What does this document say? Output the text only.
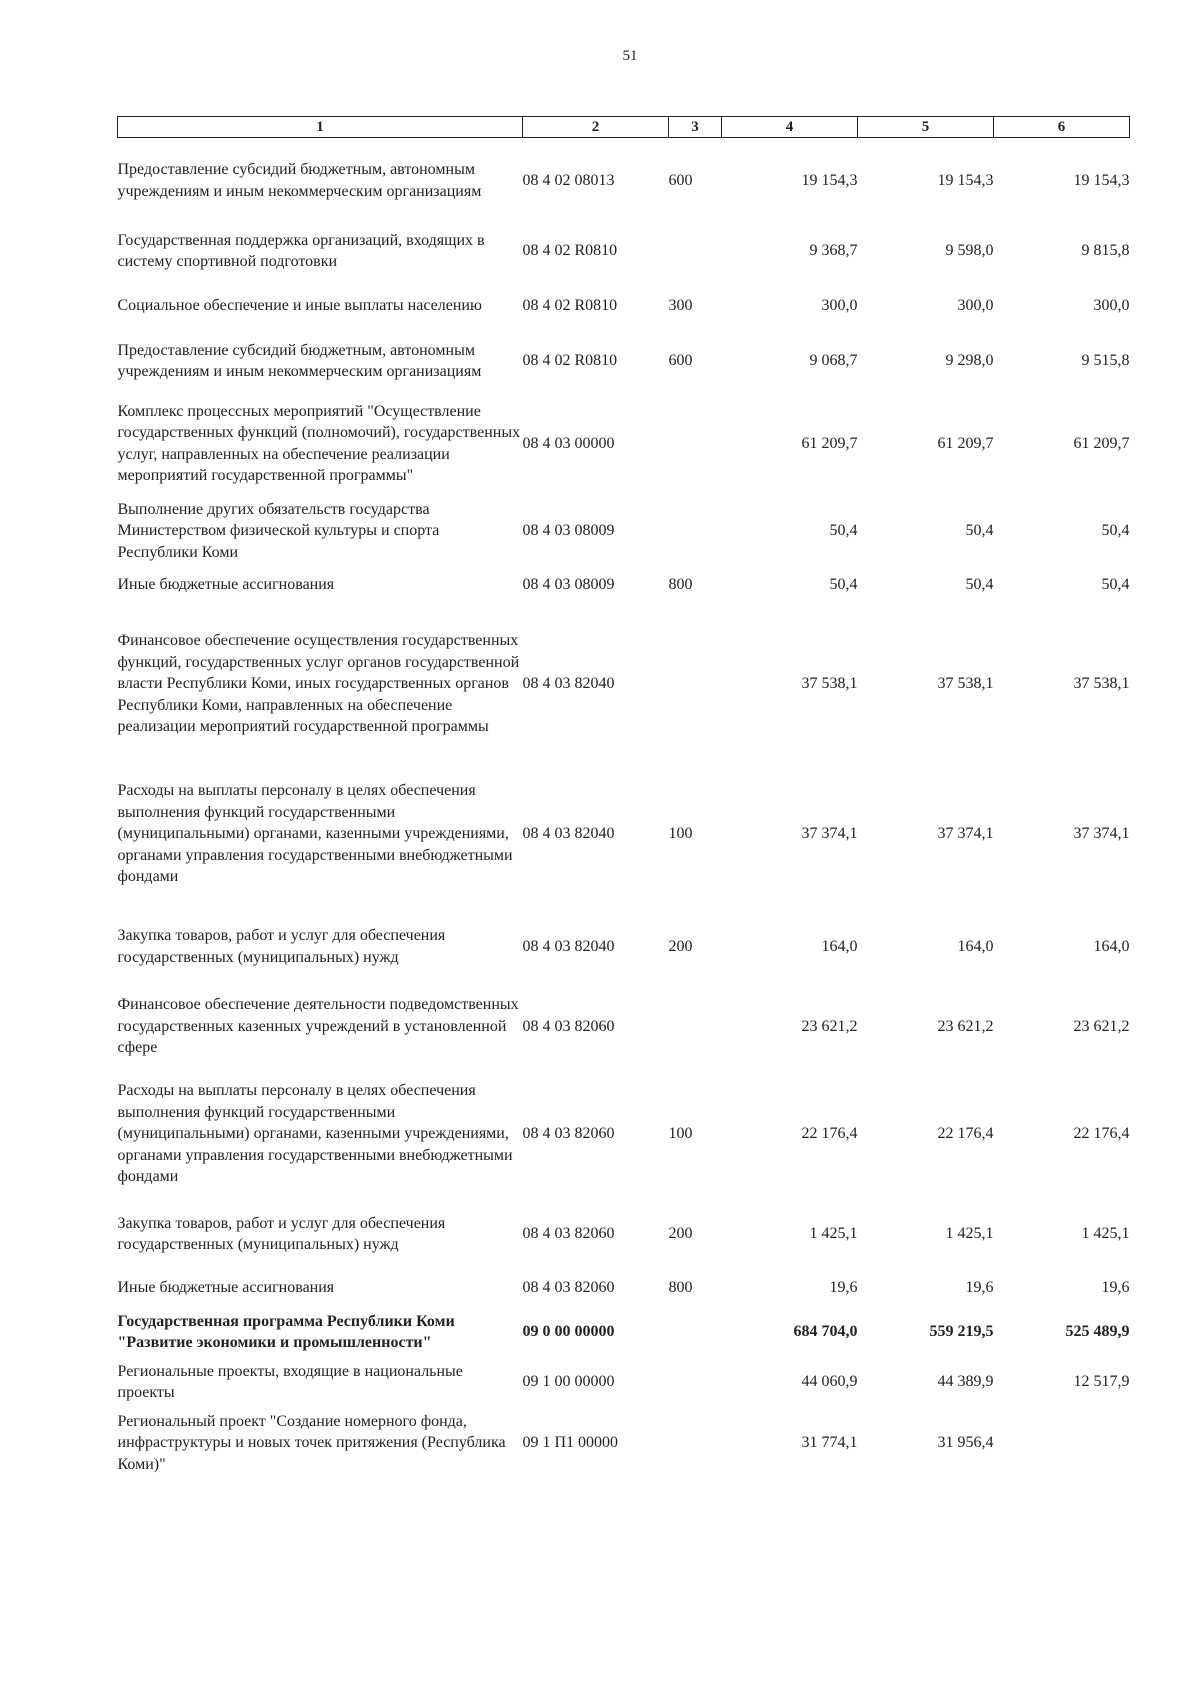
51
1	2	3	4	5	6
Предоставление субсидий бюджетным, автономным учреждениям и иным некоммерческим организациям	08 4 02 08013	600	19 154,3	19 154,3	19 154,3
Государственная поддержка организаций, входящих в систему спортивной подготовки	08 4 02 R0810		9 368,7	9 598,0	9 815,8
Социальное обеспечение и иные выплаты населению	08 4 02 R0810	300	300,0	300,0	300,0
Предоставление субсидий бюджетным, автономным учреждениям и иным некоммерческим организациям	08 4 02 R0810	600	9 068,7	9 298,0	9 515,8
Комплекс процессных мероприятий "Осуществление государственных функций (полномочий), государственных услуг, направленных на обеспечение реализации мероприятий государственной программы"	08 4 03 00000		61 209,7	61 209,7	61 209,7
Выполнение других обязательств государства Министерством физической культуры и спорта Республики Коми	08 4 03 08009		50,4	50,4	50,4
Иные бюджетные ассигнования	08 4 03 08009	800	50,4	50,4	50,4
Финансовое обеспечение осуществления государственных функций, государственных услуг органов государственной власти Республики Коми, иных государственных органов Республики Коми, направленных на обеспечение реализации мероприятий государственной программы	08 4 03 82040		37 538,1	37 538,1	37 538,1
Расходы на выплаты персоналу в целях обеспечения выполнения функций государственными (муниципальными) органами, казенными учреждениями, органами управления государственными внебюджетными фондами	08 4 03 82040	100	37 374,1	37 374,1	37 374,1
Закупка товаров, работ и услуг для обеспечения государственных (муниципальных) нужд	08 4 03 82040	200	164,0	164,0	164,0
Финансовое обеспечение деятельности подведомственных государственных казенных учреждений в установленной сфере	08 4 03 82060		23 621,2	23 621,2	23 621,2
Расходы на выплаты персоналу в целях обеспечения выполнения функций государственными (муниципальными) органами, казенными учреждениями, органами управления государственными внебюджетными фондами	08 4 03 82060	100	22 176,4	22 176,4	22 176,4
Закупка товаров, работ и услуг для обеспечения государственных (муниципальных) нужд	08 4 03 82060	200	1 425,1	1 425,1	1 425,1
Иные бюджетные ассигнования	08 4 03 82060	800	19,6	19,6	19,6
Государственная программа Республики Коми "Развитие экономики и промышленности"	09 0 00 00000		684 704,0	559 219,5	525 489,9
Региональные проекты, входящие в национальные проекты	09 1 00 00000		44 060,9	44 389,9	12 517,9
Региональный проект "Создание номерного фонда, инфраструктуры и новых точек притяжения (Республика Коми)"	09 1 П1 00000		31 774,1	31 956,4	
